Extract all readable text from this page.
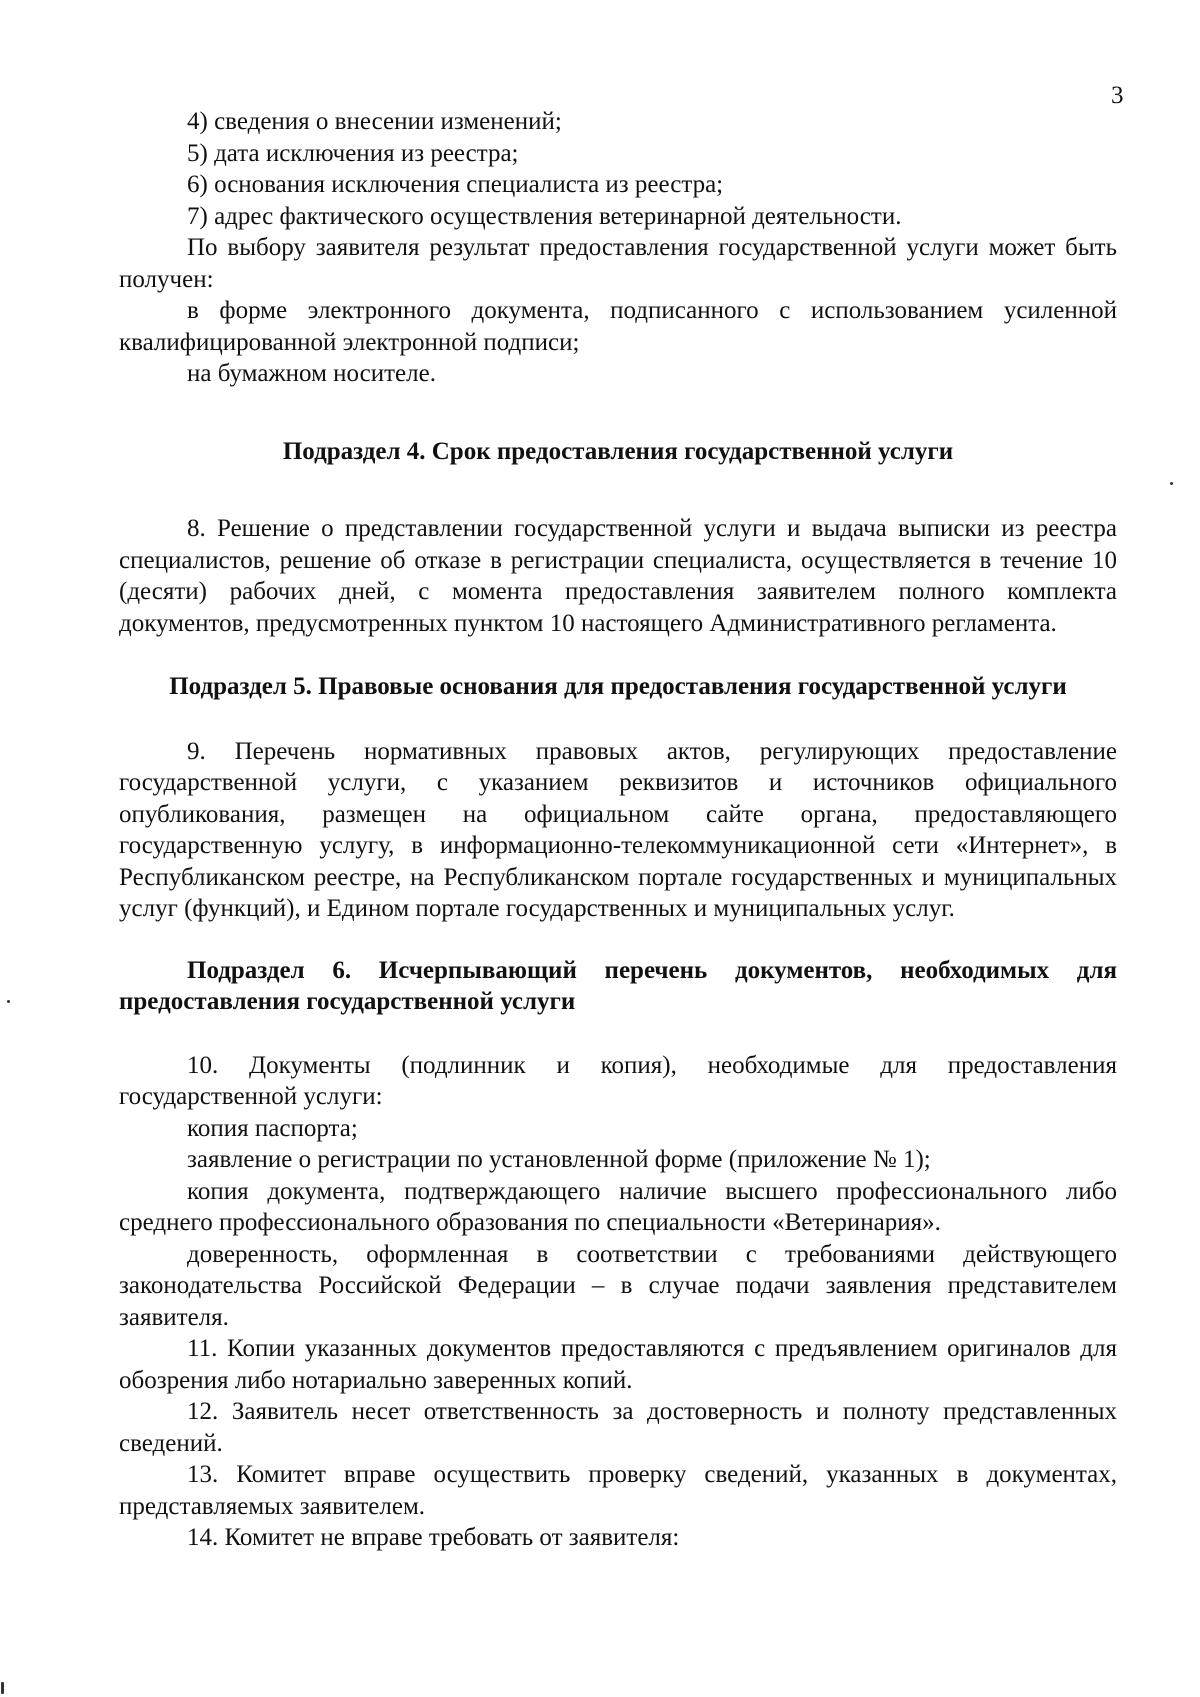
3

4) сведения о внесении изменений;

5) дата исключения из реестра;

6) основания исключения специалиста из реестра;

7) адрес фактического осуществления ветеринарной деятельности.

По выбору заявителя результат предоставления государственной услуги может быть получен:

в форме электронного документа, подписанного с использованием усиленной квалифицированной электронной подписи;

на бумажном носителе.

Подраздел 4. Срок предоставления государственной услуги

8. Решение о представлении государственной услуги и выдача выписки из реестра специалистов, решение об отказе в регистрации специалиста, осуществляется в течение 10 (десяти) рабочих дней, с момента предоставления заявителем полного комплекта документов, предусмотренных пунктом 10 настоящего Административного регламента.

Подраздел 5. Правовые основания для предоставления государственной услуги

9. Перечень нормативных правовых актов, регулирующих предоставление государственной услуги, с указанием реквизитов и источников официального опубликования, размещен на официальном сайте органа, предоставляющего государственную услугу, в информационно-телекоммуникационной сети «Интернет», в Республиканском реестре, на Республиканском портале государственных и муниципальных услуг (функций), и Едином портале государственных и муниципальных услуг.

Подраздел 6. Исчерпывающий перечень документов, необходимых для предоставления государственной услуги

10. Документы (подлинник и копия), необходимые для предоставления государственной услуги:

копия паспорта;

заявление о регистрации по установленной форме (приложение № 1);

копия документа, подтверждающего наличие высшего профессионального либо среднего профессионального образования по специальности «Ветеринария».

доверенность, оформленная в соответствии с требованиями действующего законодательства Российской Федерации – в случае подачи заявления представителем заявителя.

11. Копии указанных документов предоставляются с предъявлением оригиналов для обозрения либо нотариально заверенных копий.

12. Заявитель несет ответственность за достоверность и полноту представленных сведений.

13. Комитет вправе осуществить проверку сведений, указанных в документах, представляемых заявителем.

14. Комитет не вправе требовать от заявителя:
